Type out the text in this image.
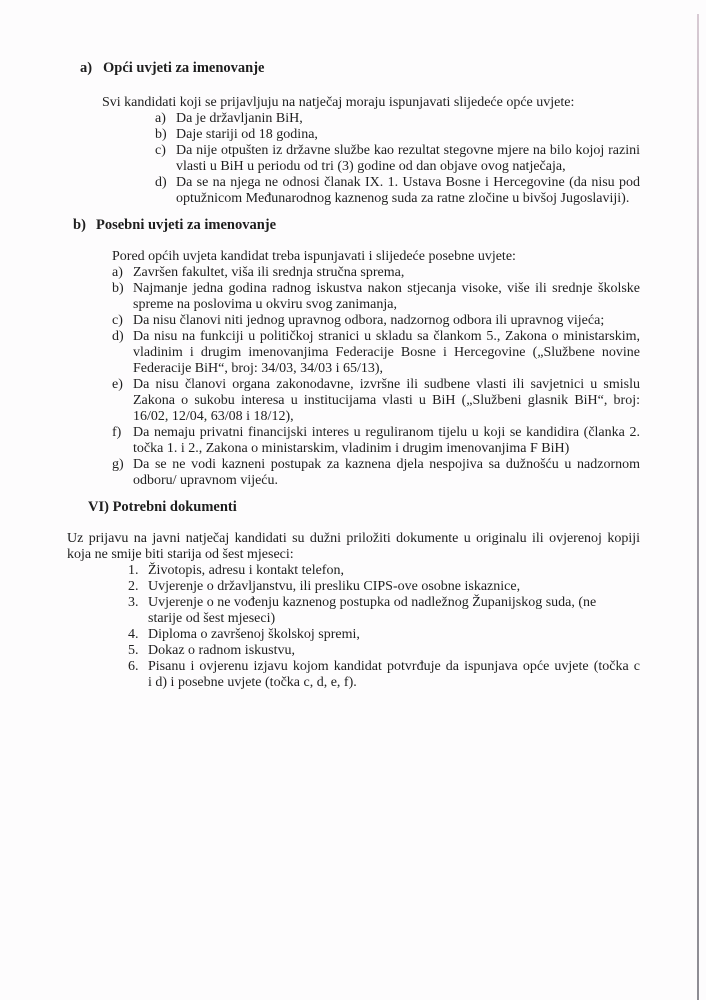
a) Opći uvjeti za imenovanje
Svi kandidati koji se prijavljuju na natječaj moraju ispunjavati slijedeće opće uvjete:
a) Da je državljanin BiH,
b) Daje stariji od 18 godina,
c) Da nije otpušten iz državne službe kao rezultat stegovne mjere na bilo kojoj razini
vlasti u BiH u periodu od tri (3) godine od dan objave ovog natječaja,
d) Da se na njega ne odnosi članak IX. 1. Ustava Bosne i Hercegovine (da nisu pod
optužnicom Međunarodnog kaznenog suda za ratne zločine u bivšoj Jugoslaviji).
b) Posebni uvjeti za imenovanje
Pored općih uvjeta kandidat treba ispunjavati i slijedeće posebne uvjete:
a) Završen fakultet, viša ili srednja stručna sprema,
b) Najmanje jedna godina radnog iskustva nakon stjecanja visoke, više ili srednje školske
spreme na poslovima u okviru svog zanimanja,
c) Da nisu članovi niti jednog upravnog odbora, nadzornog odbora ili upravnog vijeća;
d) Da nisu na funkciji u političkoj stranici u skladu sa člankom 5., Zakona o ministarskim,
vladinim i drugim imenovanjima Federacije Bosne i Hercegovine („Službene novine
Federacije BiH“, broj: 34/03, 34/03 i 65/13),
e) Da nisu članovi organa zakonodavne, izvršne ili sudbene vlasti ili savjetnici u smislu
Zakona o sukobu interesa u institucijama vlasti u BiH („Službeni glasnik BiH“, broj:
16/02, 12/04, 63/08 i 18/12),
f) Da nemaju privatni financijski interes u reguliranom tijelu u koji se kandidira (članka 2.
točka 1. i 2., Zakona o ministarskim, vladinim i drugim imenovanjima F BiH)
g) Da se ne vodi kazneni postupak za kaznena djela nespojiva sa dužnošću u nadzornom
odboru/ upravnom vijeću.
VI) Potrebni dokumenti
Uz prijavu na javni natječaj kandidati su dužni priložiti dokumente u originalu ili ovjerenoj kopiji
koja ne smije biti starija od šest mjeseci:
1. Životopis, adresu i kontakt telefon,
2. Uvjerenje o državljanstvu, ili presliku CIPS-ove osobne iskaznice,
3. Uvjerenje o ne vođenju kaznenog postupka od nadležnog Županijskog suda, (ne
starije od šest mjeseci)
4. Diploma o završenoj školskoj spremi,
5. Dokaz o radnom iskustvu,
6. Pisanu i ovjerenu izjavu kojom kandidat potvrđuje da ispunjava opće uvjete (točka c
i d) i posebne uvjete (točka c, d, e, f).
